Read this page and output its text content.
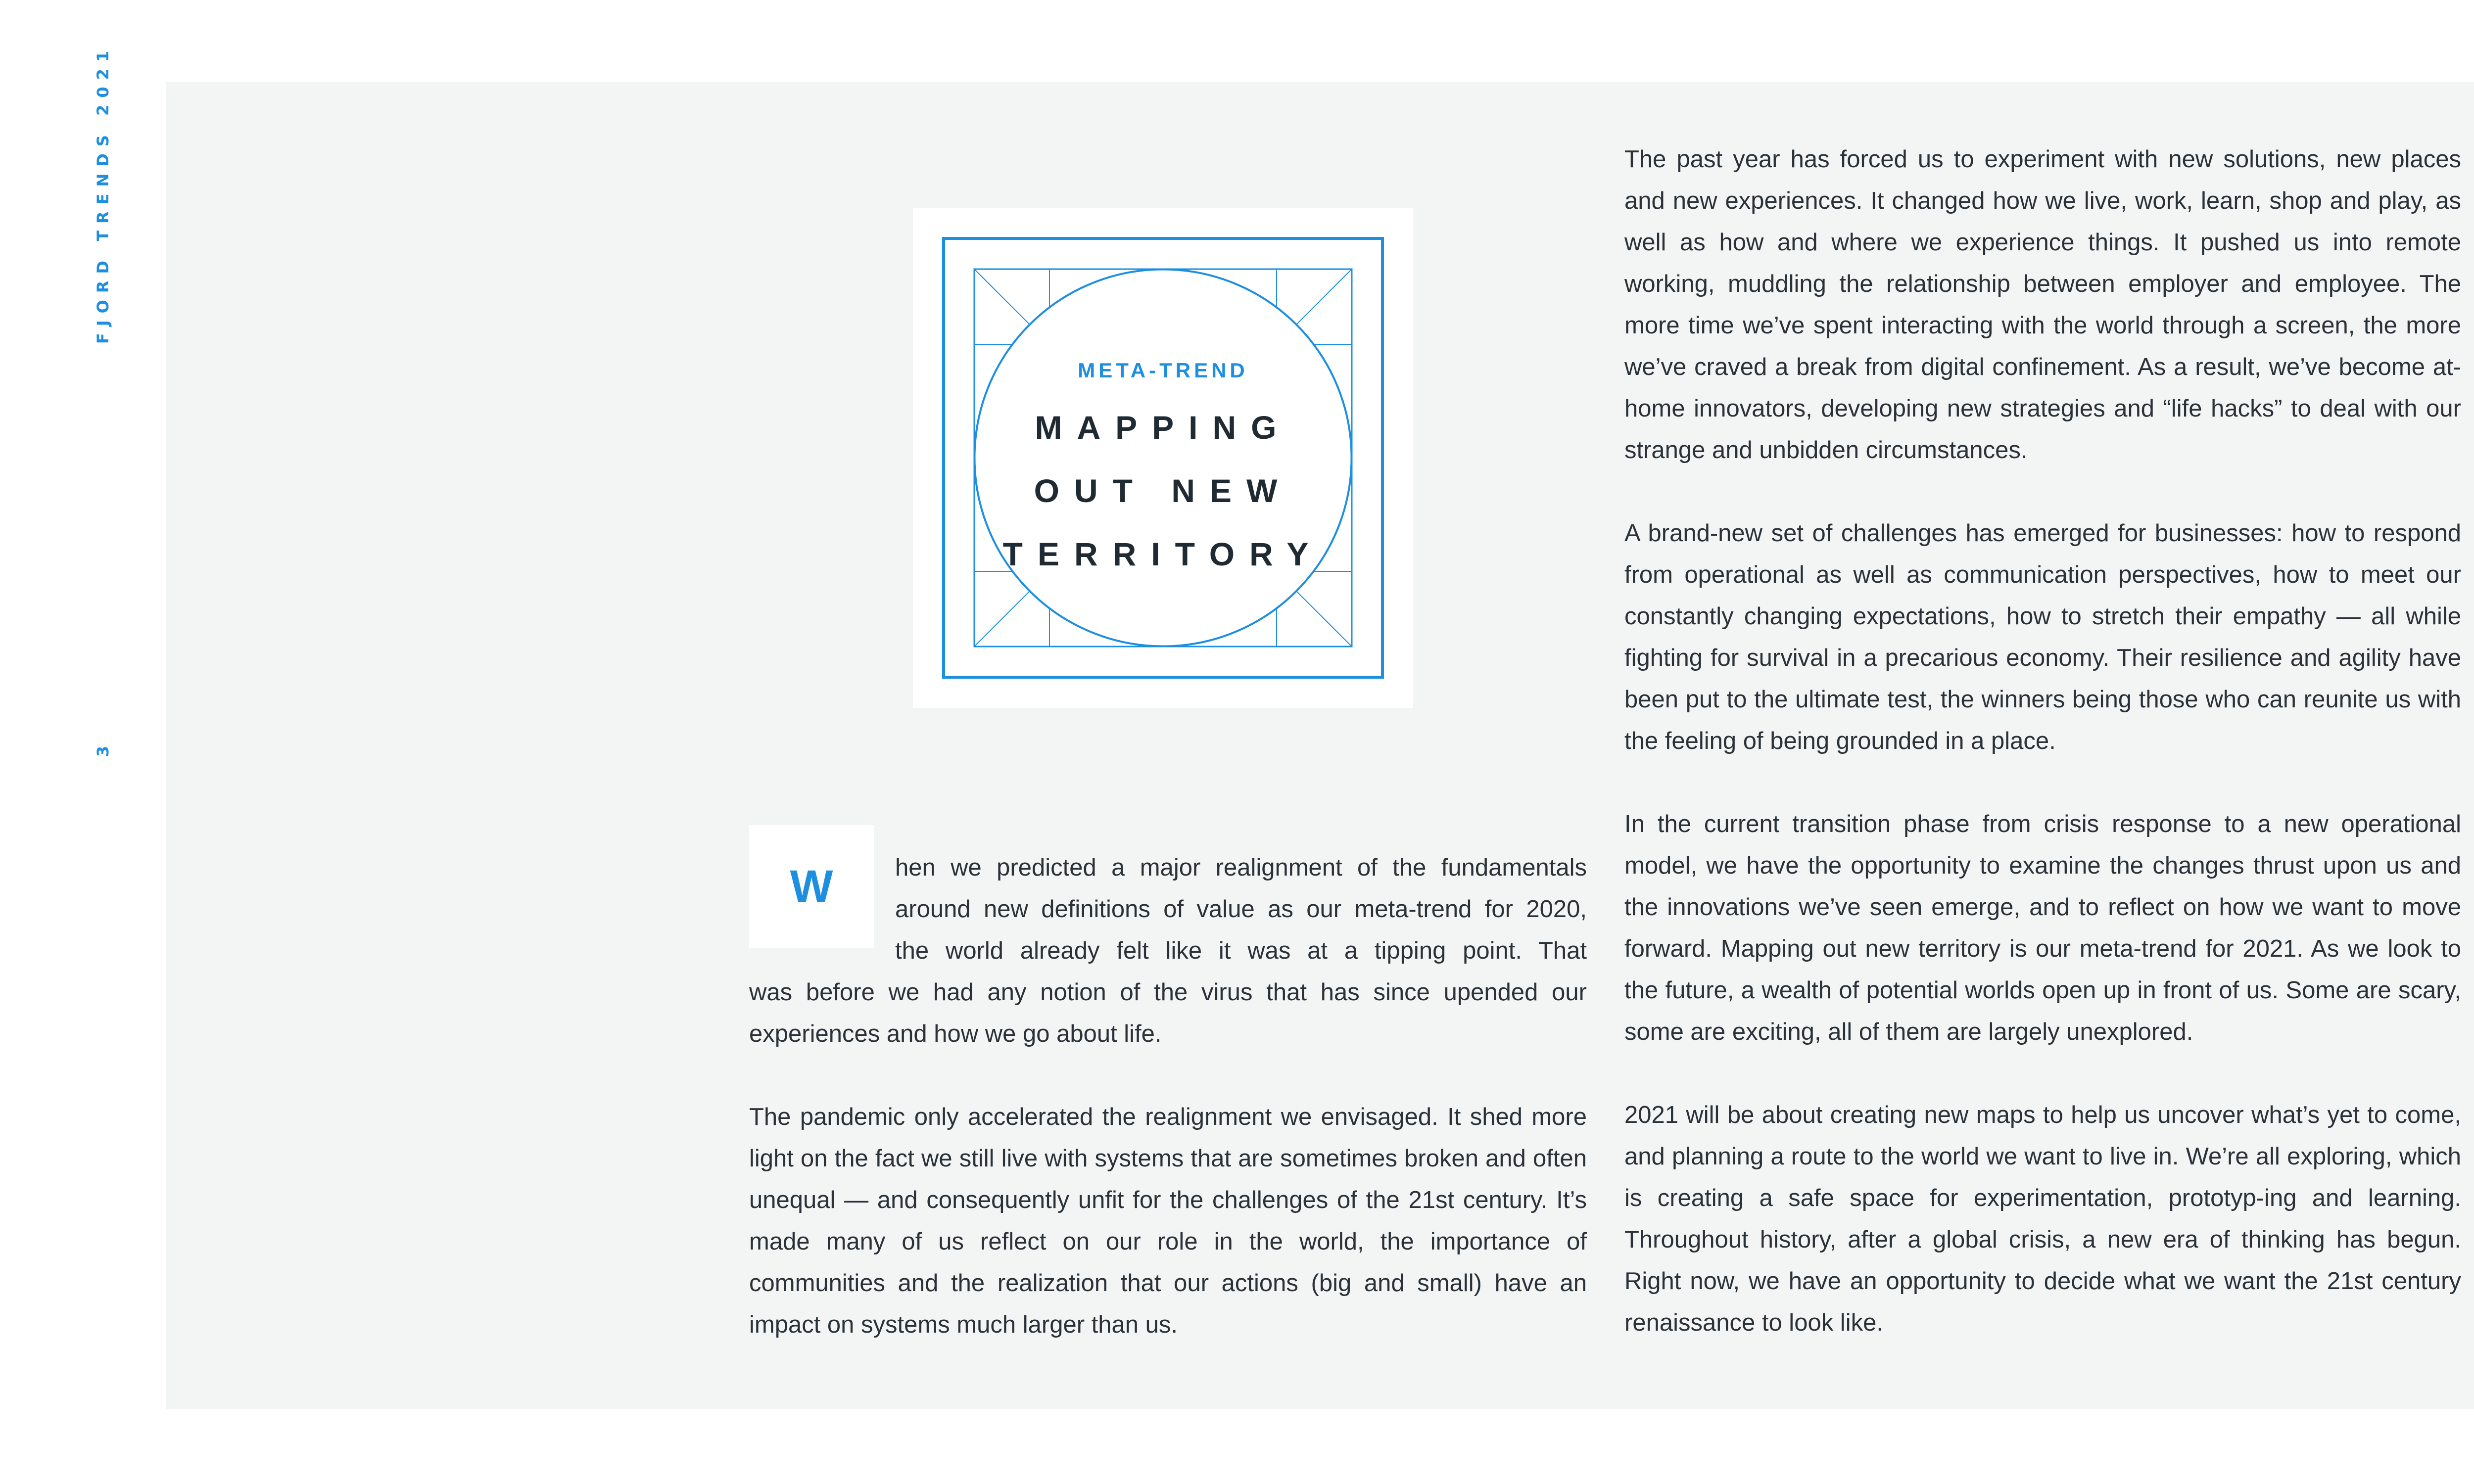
FJORD TRENDS 2021
3
META-TREND
MAPPING
OUT NEW
TERRITORY
W	hen we predicted a major realignment of the fundamentals
around new definitions of value as our meta-trend for 2020,
the world already felt like it was at a tipping point. That

was before we had any notion of the virus that has since upended our experiences and how we go about life.

The pandemic only accelerated the realignment we envisaged. It shed more light on the fact we still live with systems that are sometimes broken and often unequal — and consequently unfit for the challenges of the 21st century. It’s made many of us reflect on our role in the world, the importance of communities and the realization that our actions (big and small) have an impact on systems much larger than us.

The past year has forced us to experiment with new solutions, new places and new experiences. It changed how we live, work, learn, shop and play, as well as how and where we experience things. It pushed us into remote working, muddling the relationship between employer and employee. The more time we’ve spent interacting with the world through a screen, the more we’ve craved a break from digital confinement. As a result, we’ve become at-home innovators, developing new strategies and “life hacks” to deal with our strange and unbidden circumstances.

A brand-new set of challenges has emerged for businesses: how to respond from operational as well as communication perspectives, how to meet our constantly changing expectations, how to stretch their empathy — all while fighting for survival in a precarious economy. Their resilience and agility have been put to the ultimate test, the winners being those who can reunite us with the feeling of being grounded in a place.

In the current transition phase from crisis response to a new operational model, we have the opportunity to examine the changes thrust upon us and the innovations we’ve seen emerge, and to reflect on how we want to move forward. Mapping out new territory is our meta-trend for 2021. As we look to the future, a wealth of potential worlds open up in front of us. Some are scary, some are exciting, all of them are largely unexplored.

2021 will be about creating new maps to help us uncover what’s yet to come, and planning a route to the world we want to live in. We’re all exploring, which is creating a safe space for experimentation, prototyp-ing and learning. Throughout history, after a global crisis, a new era of thinking has begun. Right now, we have an opportunity to decide what we want the 21st century renaissance to look like.
